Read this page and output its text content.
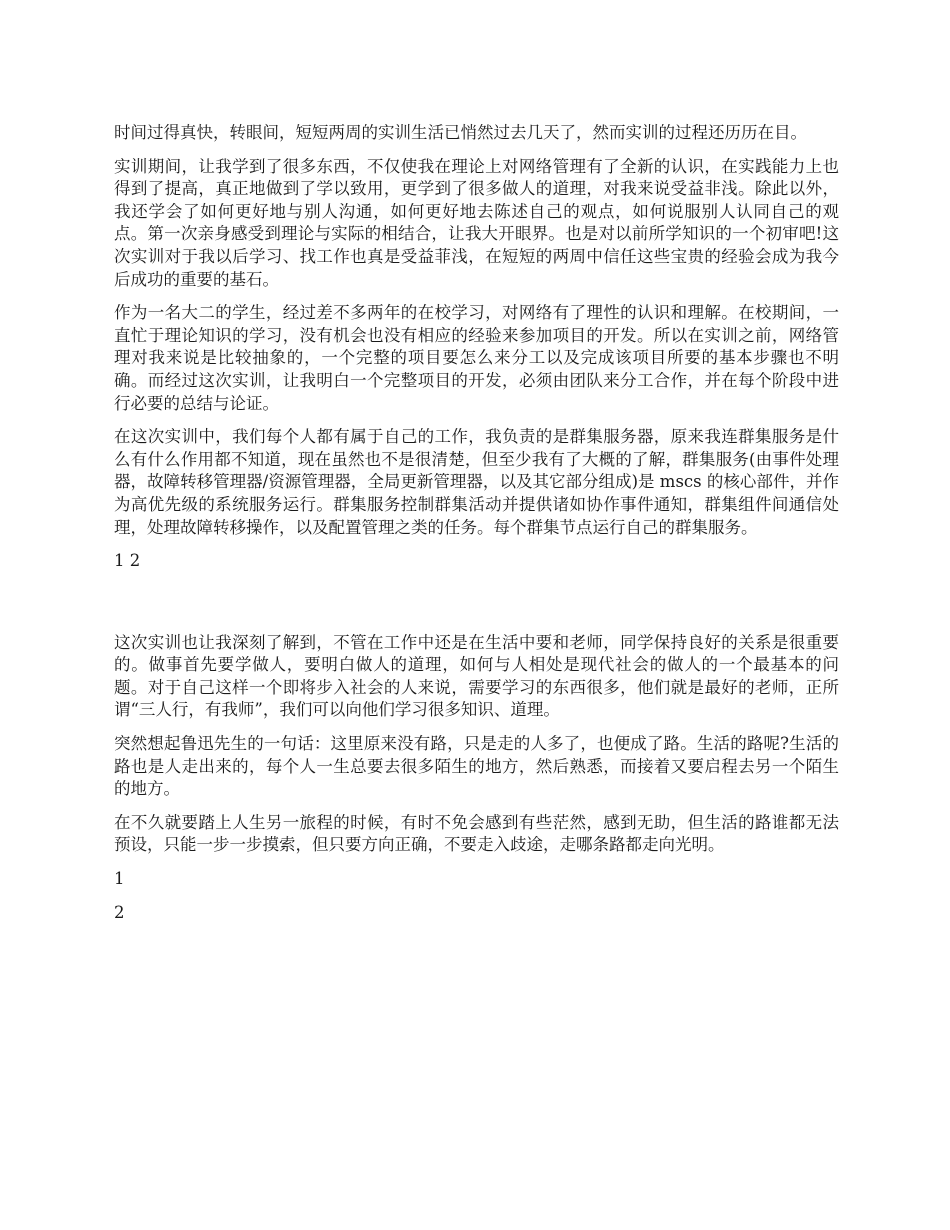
时间过得真快，转眼间，短短两周的实训生活已悄然过去几天了，然而实训的过程还历历在目。

实训期间，让我学到了很多东西，不仅使我在理论上对网络管理有了全新的认识，在实践能力上也得到了提高，真正地做到了学以致用，更学到了很多做人的道理，对我来说受益非浅。除此以外，我还学会了如何更好地与别人沟通，如何更好地去陈述自己的观点，如何说服别人认同自己的观点。第一次亲身感受到理论与实际的相结合，让我大开眼界。也是对以前所学知识的一个初审吧!这次实训对于我以后学习、找工作也真是受益菲浅，在短短的两周中信任这些宝贵的经验会成为我今后成功的重要的基石。

作为一名大二的学生，经过差不多两年的在校学习，对网络有了理性的认识和理解。在校期间，一直忙于理论知识的学习，没有机会也没有相应的经验来参加项目的开发。所以在实训之前，网络管理对我来说是比较抽象的，一个完整的项目要怎么来分工以及完成该项目所要的基本步骤也不明确。而经过这次实训，让我明白一个完整项目的开发，必须由团队来分工合作，并在每个阶段中进行必要的总结与论证。

在这次实训中，我们每个人都有属于自己的工作，我负责的是群集服务器，原来我连群集服务是什么有什么作用都不知道，现在虽然也不是很清楚，但至少我有了大概的了解，群集服务(由事件处理器，故障转移管理器/资源管理器，全局更新管理器，以及其它部分组成)是 mscs 的核心部件，并作为高优先级的系统服务运行。群集服务控制群集活动并提供诸如协作事件通知，群集组件间通信处理，处理故障转移操作，以及配置管理之类的任务。每个群集节点运行自己的群集服务。

1 2

这次实训也让我深刻了解到，不管在工作中还是在生活中要和老师，同学保持良好的关系是很重要的。做事首先要学做人，要明白做人的道理，如何与人相处是现代社会的做人的一个最基本的问题。对于自己这样一个即将步入社会的人来说，需要学习的东西很多，他们就是最好的老师，正所谓“三人行，有我师”，我们可以向他们学习很多知识、道理。

突然想起鲁迅先生的一句话：这里原来没有路，只是走的人多了，也便成了路。生活的路呢?生活的路也是人走出来的，每个人一生总要去很多陌生的地方，然后熟悉，而接着又要启程去另一个陌生的地方。

在不久就要踏上人生另一旅程的时候，有时不免会感到有些茫然，感到无助，但生活的路谁都无法预设，只能一步一步摸索，但只要方向正确，不要走入歧途，走哪条路都走向光明。

1

2
